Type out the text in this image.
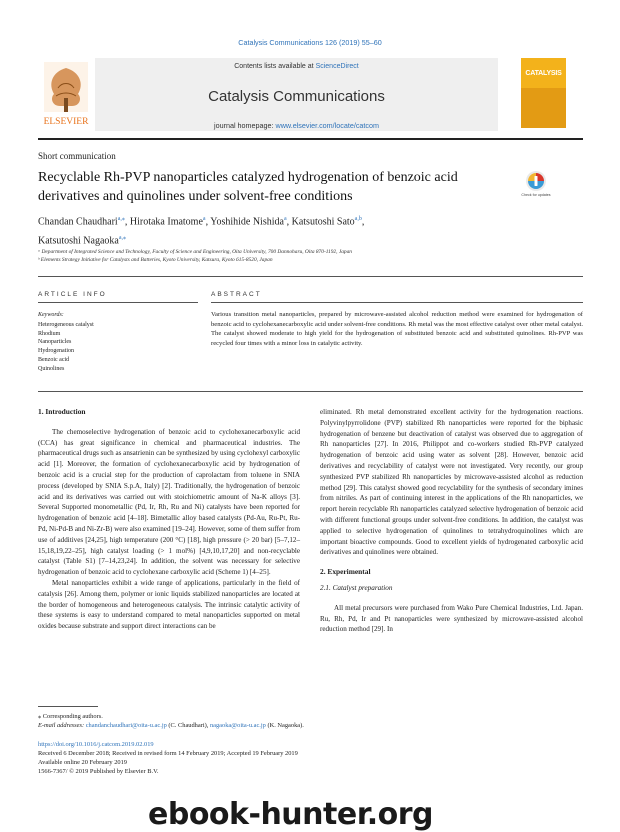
Catalysis Communications 126 (2019) 55–60
Contents lists available at ScienceDirect
Catalysis Communications
journal homepage: www.elsevier.com/locate/catcom
ELSEVIER
CATALYSIS
Short communication
Recyclable Rh-PVP nanoparticles catalyzed hydrogenation of benzoic acid derivatives and quinolines under solvent-free conditions	Check for updates
Chandan Chaudhari$^{a,⁎}$, Hirotaka Imatome$^a$, Yoshihide Nishida$^a$, Katsutoshi Sato$^{a,b}$,
Katsutoshi Nagaoka$^{a,⁎}$
ᵃ Department of Integrated Science and Technology, Faculty of Science and Engineering, Oita University, 700 Dannoharu, Oita 870-1192, Japan
ᵇ Elements Strategy Initiative for Catalysts and Batteries, Kyoto University, Katsura, Kyoto 615-8520, Japan
ARTICLE INFO
Keywords:
Heterogeneous catalyst
Rhodium
Nanoparticles
Hydrogenation
Benzoic acid
Quinolines
ABSTRACT
Various transition metal nanoparticles, prepared by microwave-assisted alcohol reduction method were examined for hydrogenation of benzoic acid to cyclohexanecarboxylic acid under solvent-free conditions. Rh metal was the most effective catalyst over other metal catalyst. The catalyst showed moderate to high yield for the hydrogenation of substituted benzoic acid and substituted quinolines. Rh-PVP was recycled four times with a minor loss in catalytic activity.
1. Introduction

The chemoselective hydrogenation of benzoic acid to cyclohexanecarboxylic acid (CCA) has great significance in chemical and pharmaceutical industries. The pharmaceutical drugs such as ansatrienin can be synthesized by using cyclohexyl carboxylic acid [1]. Moreover, the formation of cyclohexanecarboxylic acid by hydrogenation of benzoic acid is a crucial step for the production of caprolactam from toluene in SNIA process (developed by SNIA S.p.A, Italy) [2]. Traditionally, the hydrogenation of benzoic acid and its derivatives was carried out with stoichiometric amount of Na-K alloys [3]. Several Supported monometallic (Pd, Ir, Rh, Ru and Ni) catalysts have been reported for hydrogenation of benzoic acid [4–18]. Bimetallic alloy based catalysts (Pd-Au, Ru-Pt, Ru-Pd, Ni-Pd-B and Ni-Zr-B) were also examined [19–24]. However, some of them suffer from use of additives [24,25], high temperature (200 °C) [18], high pressure (> 20 bar) [5–7,12–15,18,19,22–25], high catalyst loading (> 1 mol%) [4,9,10,17,20] and non-recyclable catalyst (Table S1) [7–14,23,24]. In addition, the solvent was necessary for selective hydrogenation of benzoic acid to cyclohexane carboxylic acid (Scheme 1) [4–25].

Metal nanoparticles exhibit a wide range of applications, particularly in the field of catalysis [26]. Among them, polymer or ionic liquids stabilized nanoparticles are located at the border of homogeneous and heterogeneous catalysis. The intrinsic catalytic activity of these systems is easy to understand compared to metal nanoparticles supported on metal oxides because substrate and support direct interactions can be

eliminated. Rh metal demonstrated excellent activity for the hydrogenation reactions. Polyvinylpyrrolidone (PVP) stabilized Rh nanoparticles were reported for the biphasic hydrogenation of benzene but deactivation of catalyst was observed due to aggregation of Rh nanoparticles [27]. In 2016, Philippot and co-workers studied Rh-PVP catalyzed hydrogenation of benzoic acid using water as solvent [28]. However, benzoic acid derivatives and recyclability of catalyst were not investigated. Very recently, our group synthesized PVP stabilized Rh nanoparticles by microwave-assisted alcohol as reduction method [29]. This catalyst showed good recyclability for the synthesis of secondary imines from nitriles. As part of continuing interest in the applications of the Rh nanoparticles, we report herein recyclable Rh nanoparticles catalyzed selective hydrogenation of benzoic acid with different functional groups under solvent-free conditions. In addition, the catalyst was applied to selective hydrogenation of quinolines to tetrahydroquinolines which are important bioactive compounds. Good to excellent yields of hydrogenated carboxylic acid derivatives and quinolines were obtained.

2. Experimental
2.1. Catalyst preparation

All metal precursors were purchased from Wako Pure Chemical Industries, Ltd. Japan. Ru, Rh, Pd, Ir and Pt nanoparticles were synthesized by microwave-assisted alcohol reduction method [29]. In

⁎ Corresponding authors.
E-mail addresses: chandanchaudhari@oita-u.ac.jp (C. Chaudhari), nagaoka@oita-u.ac.jp (K. Nagaoka).
https://doi.org/10.1016/j.catcom.2019.02.019
Received 6 December 2018; Received in revised form 14 February 2019; Accepted 19 February 2019
Available online 20 February 2019
1566-7367/ © 2019 Published by Elsevier B.V.
ebook-hunter.org
